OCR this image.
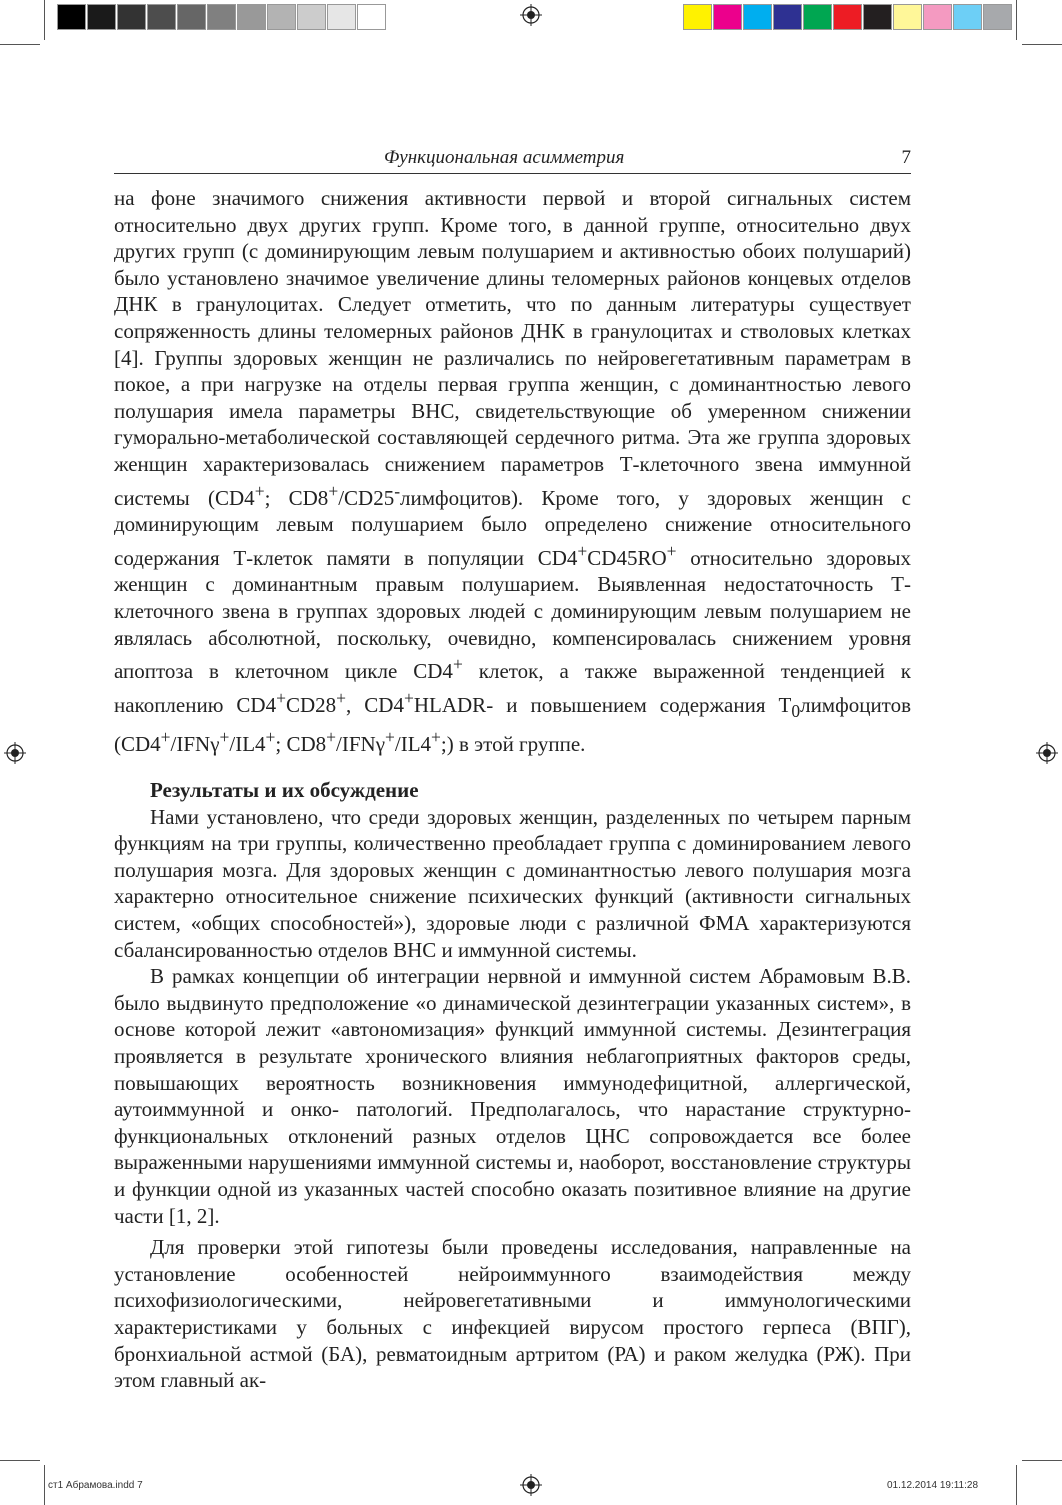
Функциональная асимметрия	7

на фоне значимого снижения активности первой и второй сигнальных систем относительно двух других групп. Кроме того, в данной группе, относительно двух других групп (с доминирующим левым полушарием и активностью обоих полушарий) было установлено значимое увеличение длины теломерных районов концевых отделов ДНК в гранулоцитах. Следует отметить, что по данным литературы существует сопряженность длины теломерных районов ДНК в гранулоцитах и стволовых клетках [4]. Группы здоровых женщин не различались по нейровегетативным параметрам в покое, а при нагрузке на отделы первая группа женщин, с доминантностью левого полушария имела параметры ВНС, свидетельствующие об умеренном снижении гуморально-метаболической составляющей сердечного ритма. Эта же группа здоровых женщин характеризовалась снижением параметров Т-клеточного звена иммунной системы (CD4+; CD8+/CD25-лимфоцитов). Кроме того, у здоровых женщин с доминирующим левым полушарием было определено снижение относительного содержания Т-клеток памяти в популяции CD4+CD45RO+ относительно здоровых женщин с доминантным правым полушарием. Выявленная недостаточность Т-клеточного звена в группах здоровых людей с доминирующим левым полушарием не являлась абсолютной, поскольку, очевидно, компенсировалась снижением уровня апоптоза в клеточном цикле CD4+ клеток, а также выраженной тенденцией к накоплению CD4+CD28+, CD4+HLADR- и повышением содержания $T_0лимфоцитов$ (CD4+/IFNγ+/IL4+; CD8+/IFNγ+/IL4+;) в этой группе.

Результаты и их обсуждение

Нами установлено, что среди здоровых женщин, разделенных по четырем парным функциям на три группы, количественно преобладает группа с доминированием левого полушария мозга. Для здоровых женщин с доминантностью левого полушария мозга характерно относительное снижение психических функций (активности сигнальных систем, «общих способностей»), здоровые люди с различной ФМА характеризуются сбалансированностью отделов ВНС и иммунной системы.

В рамках концепции об интеграции нервной и иммунной систем Абрамовым В.В. было выдвинуто предположение «о динамической дезинтеграции указанных систем», в основе которой лежит «автономизация» функций иммунной системы. Дезинтеграция проявляется в результате хронического влияния неблагоприятных факторов среды, повышающих вероятность возникновения иммунодефицитной, аллергической, аутоиммунной и онко- патологий. Предполагалось, что нарастание структурно-функциональных отклонений разных отделов ЦНС сопровождается все более выраженными нарушениями иммунной системы и, наоборот, восстановление структуры и функции одной из указанных частей способно оказать позитивное влияние на другие части [1, 2].

Для проверки этой гипотезы были проведены исследования, направленные на установление особенностей нейроиммунного взаимодействия между психофизиологическими, нейровегетативными и иммунологическими характеристиками у больных с инфекцией вирусом простого герпеса (ВПГ), бронхиальной астмой (БА), ревматоидным артритом (РА) и раком желудка (РЖ). При этом главный ак-

ст1 Абрамова.indd 7	01.12.2014 19:11:28
